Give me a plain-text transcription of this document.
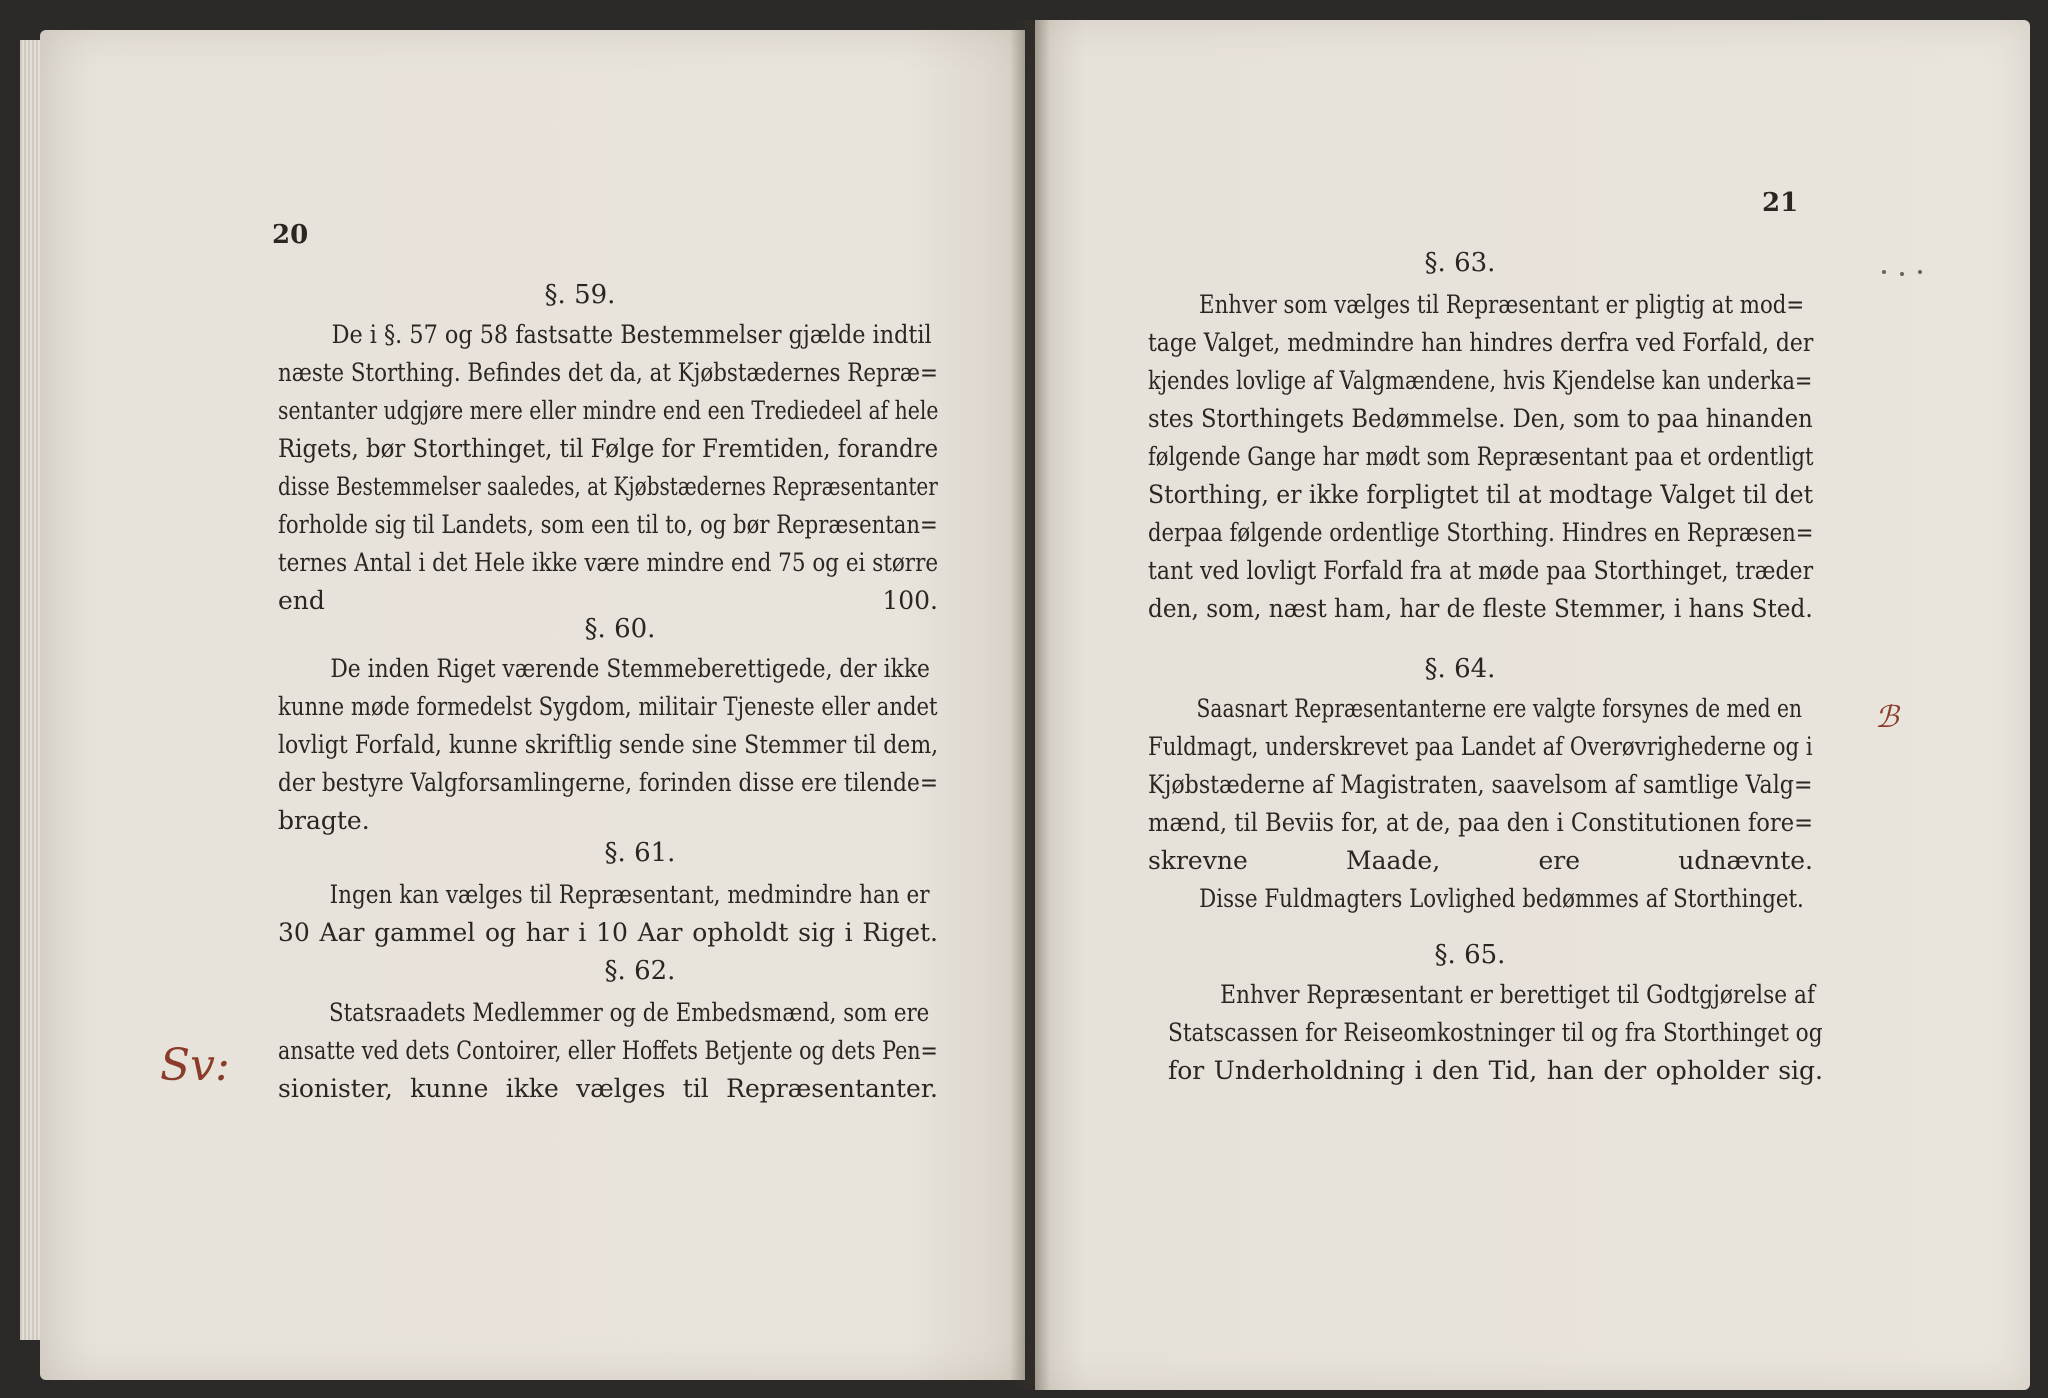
20
§. 59.
De i §. 57 og 58 fastsatte Bestemmelser gjælde indtil
næste Storthing. Befindes det da, at Kjøbstædernes Repræ=
sentanter udgjøre mere eller mindre end een Trediedeel af hele
Rigets, bør Storthinget, til Følge for Fremtiden, forandre
disse Bestemmelser saaledes, at Kjøbstædernes Repræsentanter
forholde sig til Landets, som een til to, og bør Repræsentan=
ternes Antal i det Hele ikke være mindre end 75 og ei større
end 100.
§. 60.
De inden Riget værende Stemmeberettigede, der ikke
kunne møde formedelst Sygdom, militair Tjeneste eller andet
lovligt Forfald, kunne skriftlig sende sine Stemmer til dem,
der bestyre Valgforsamlingerne, forinden disse ere tilende=
bragte.
§. 61.
Ingen kan vælges til Repræsentant, medmindre han er
30 Aar gammel og har i 10 Aar opholdt sig i Riget.
§. 62.
Statsraadets Medlemmer og de Embedsmænd, som ere
ansatte ved dets Contoirer, eller Hoffets Betjente og dets Pen=
sionister, kunne ikke vælges til Repræsentanter.
Sv:
21
§. 63.
Enhver som vælges til Repræsentant er pligtig at mod=
tage Valget, medmindre han hindres derfra ved Forfald, der
kjendes lovlige af Valgmændene, hvis Kjendelse kan underka=
stes Storthingets Bedømmelse. Den, som to paa hinanden
følgende Gange har mødt som Repræsentant paa et ordentligt
Storthing, er ikke forpligtet til at modtage Valget til det
derpaa følgende ordentlige Storthing. Hindres en Repræsen=
tant ved lovligt Forfald fra at møde paa Storthinget, træder
den, som, næst ham, har de fleste Stemmer, i hans Sted.
§. 64.
Saasnart Repræsentanterne ere valgte forsynes de med en
Fuldmagt, underskrevet paa Landet af Overøvrighederne og i
Kjøbstæderne af Magistraten, saavelsom af samtlige Valg=
mænd, til Beviis for, at de, paa den i Constitutionen fore=
skrevne Maade, ere udnævnte.
Disse Fuldmagters Lovlighed bedømmes af Storthinget.
§. 65.
Enhver Repræsentant er berettiget til Godtgjørelse af
Statscassen for Reiseomkostninger til og fra Storthinget og
for Underholdning i den Tid, han der opholder sig.
ℬ
